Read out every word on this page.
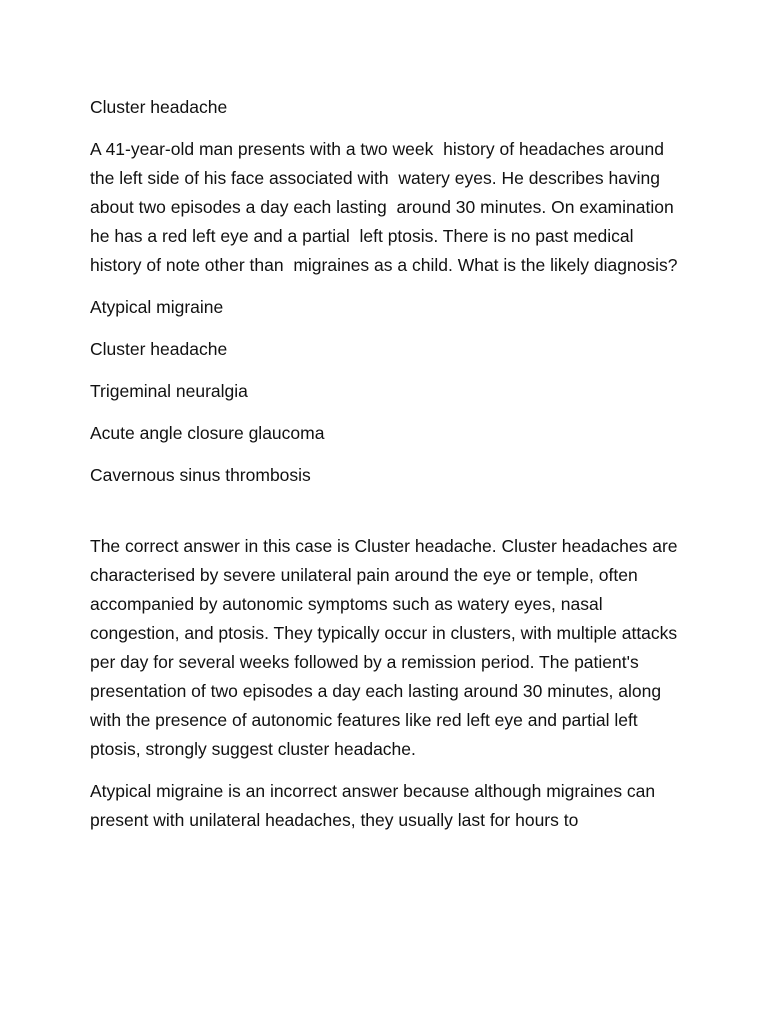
Cluster headache

A 41-year-old man presents with a two week  history of headaches around the left side of his face associated with  watery eyes. He describes having about two episodes a day each lasting  around 30 minutes. On examination he has a red left eye and a partial  left ptosis. There is no past medical history of note other than  migraines as a child. What is the likely diagnosis?

Atypical migraine

Cluster headache

Trigeminal neuralgia

Acute angle closure glaucoma

Cavernous sinus thrombosis

The correct answer in this case is Cluster headache. Cluster headaches are characterised by severe unilateral pain around the eye or temple, often accompanied by autonomic symptoms such as watery eyes, nasal congestion, and ptosis. They typically occur in clusters, with multiple attacks per day for several weeks followed by a remission period. The patient's presentation of two episodes a day each lasting around 30 minutes, along with the presence of autonomic features like red left eye and partial left ptosis, strongly suggest cluster headache.

Atypical migraine is an incorrect answer because although migraines can present with unilateral headaches, they usually last for hours to
